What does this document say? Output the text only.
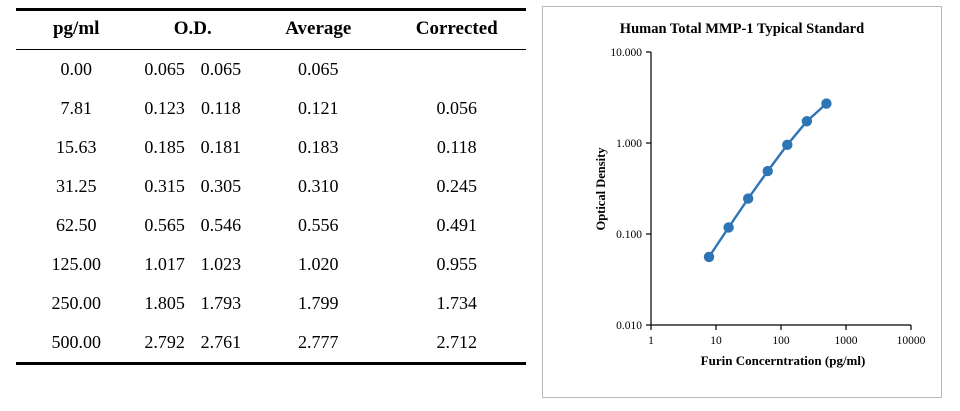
pg/ml	O.D.		Average	Corrected
0.00	0.065	0.065	0.065	
7.81	0.123	0.118	0.121	0.056
15.63	0.185	0.181	0.183	0.118
31.25	0.315	0.305	0.310	0.245
62.50	0.565	0.546	0.556	0.491
125.00	1.017	1.023	1.020	0.955
250.00	1.805	1.793	1.799	1.734
500.00	2.792	2.761	2.777	2.712
Human Total MMP-1 Typical Standard
0.010
0.100
1.000
10.000
1	10	100	1000	10000
Optical Density
Furin Concerntration (pg/ml)
